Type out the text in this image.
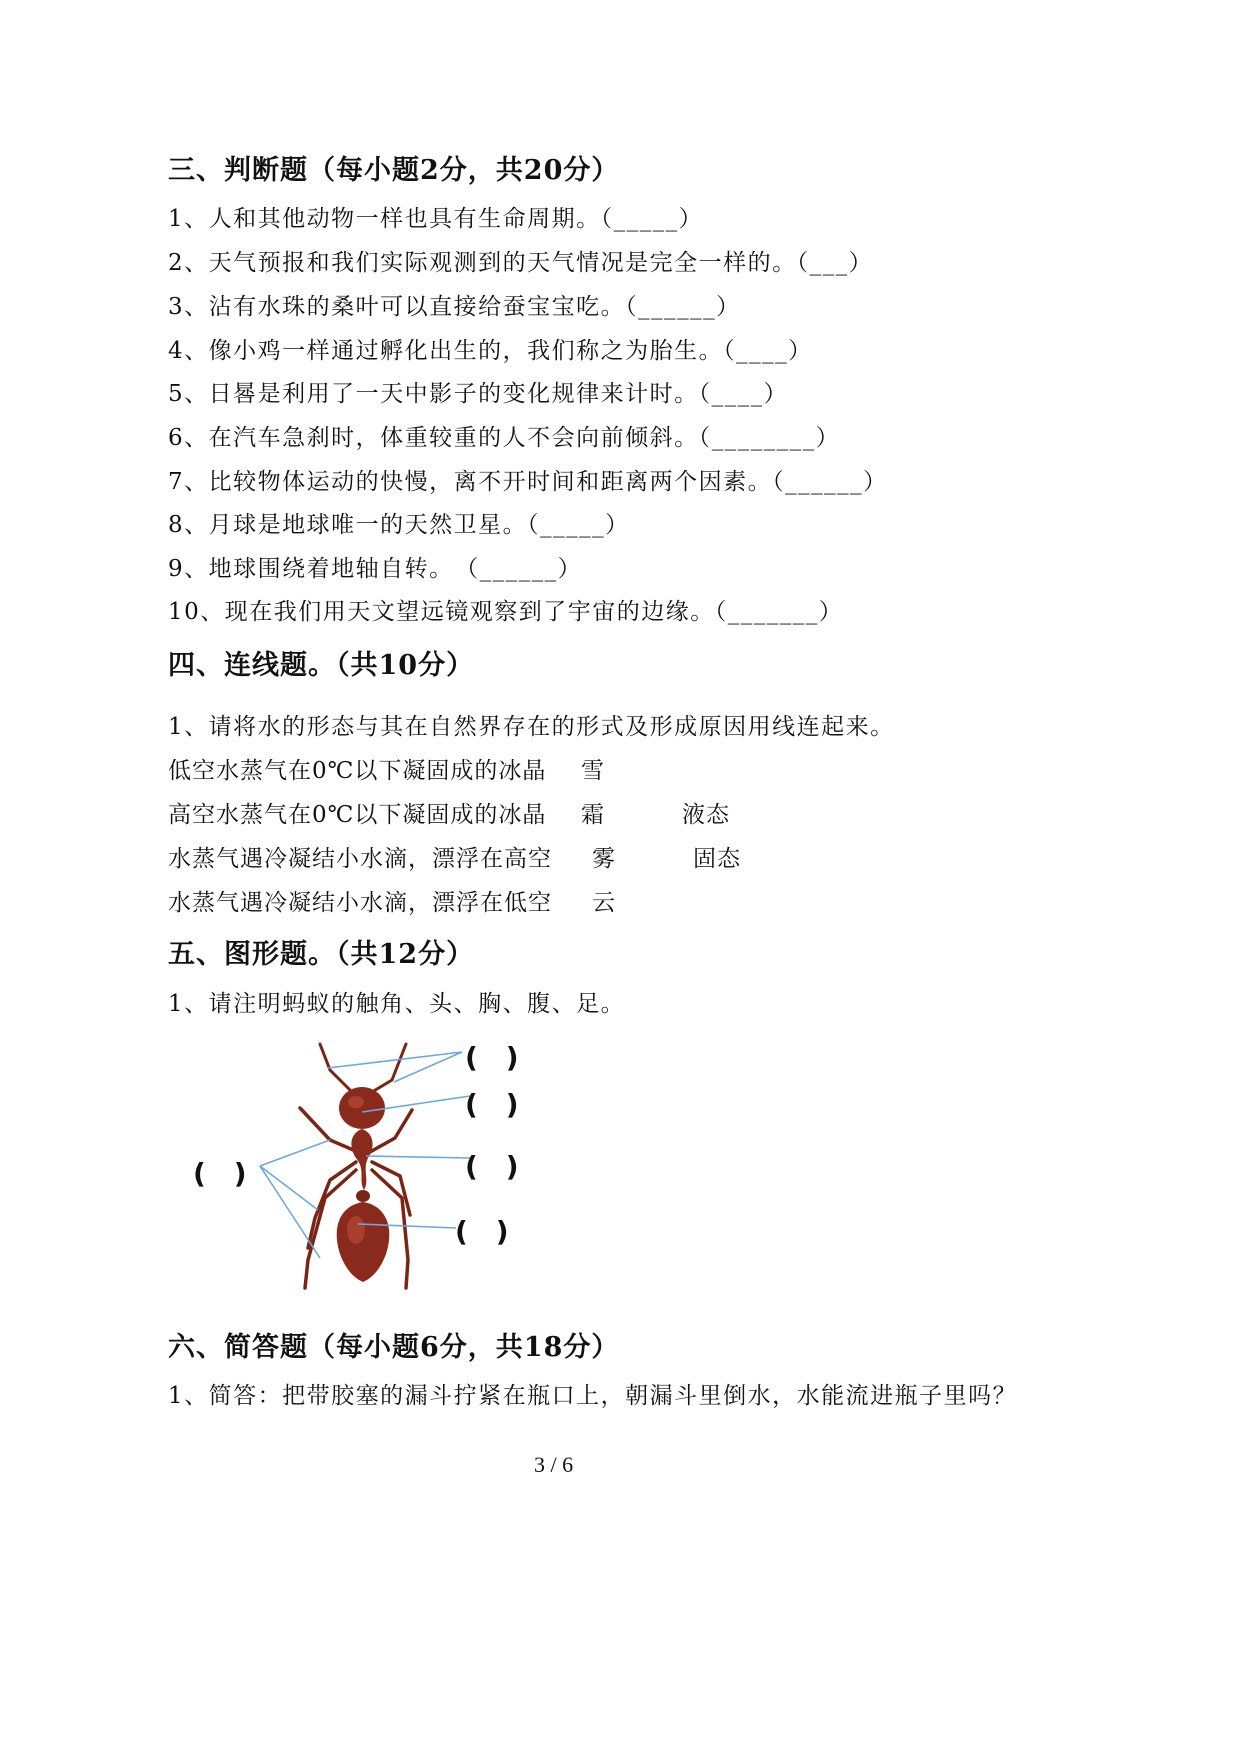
三、判断题（每小题2分，共20分）
1、人和其他动物一样也具有生命周期。（_____）
2、天气预报和我们实际观测到的天气情况是完全一样的。（___）
3、沾有水珠的桑叶可以直接给蚕宝宝吃。（______）
4、像小鸡一样通过孵化出生的，我们称之为胎生。（____）
5、日晷是利用了一天中影子的变化规律来计时。（____）
6、在汽车急刹时，体重较重的人不会向前倾斜。（________）
7、比较物体运动的快慢，离不开时间和距离两个因素。（______）
8、月球是地球唯一的天然卫星。（_____）
9、地球围绕着地轴自转。　（______）
10、现在我们用天文望远镜观察到了宇宙的边缘。（_______）
四、连线题。（共10分）
1、请将水的形态与其在自然界存在的形式及形成原因用线连起来。
低空水蒸气在0℃以下凝固成的冰晶
高空水蒸气在0℃以下凝固成的冰晶
水蒸气遇冷凝结小水滴，漂浮在高空
水蒸气遇冷凝结小水滴，漂浮在低空
雪
霜
雾
云
液态
固态
五、图形题。（共12分）
1、请注明蚂蚁的触角、头、胸、腹、足。
(　)
(　)
(　)
(　)
(　)
六、简答题（每小题6分，共18分）
1、简答：把带胶塞的漏斗拧紧在瓶口上，朝漏斗里倒水，水能流进瓶子里吗？
3 / 6
